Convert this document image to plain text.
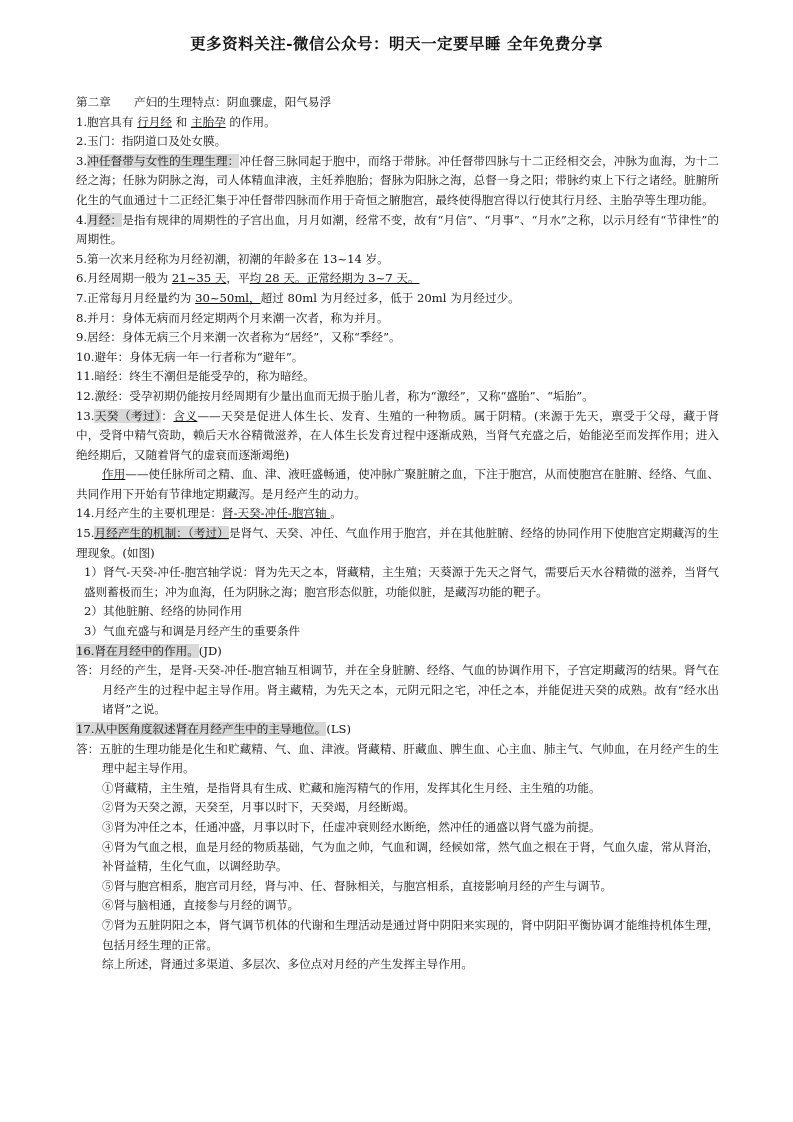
更多资料关注-微信公众号：明天一定要早睡 全年免费分享

第二章　　产妇的生理特点：阴血骤虚，阳气易浮

1.胞宫具有 行月经 和 主胎孕 的作用。

2.玉门：指阴道口及处女膜。

3.冲任督带与女性的生理生理：冲任督三脉同起于胞中，而络于带脉。冲任督带四脉与十二正经相交会，冲脉为血海，为十二经之海；任脉为阴脉之海，司人体精血津液，主妊养胞胎；督脉为阳脉之海，总督一身之阳；带脉约束上下行之诸经。脏腑所化生的气血通过十二正经汇集于冲任督带四脉而作用于奇恒之腑胞宫，最终使得胞宫得以行使其行月经、主胎孕等生理功能。

4.月经：是指有规律的周期性的子宫出血，月月如潮，经常不变，故有“月信”、“月事”、“月水”之称，以示月经有“节律性”的周期性。

5.第一次来月经称为月经初潮，初潮的年龄多在 13~14 岁。

6.月经周期一般为 21~35 天，平均 28 天。正常经期为 3~7 天。

7.正常每月月经量约为 30~50ml，超过 80ml 为月经过多，低于 20ml 为月经过少。

8.并月：身体无病而月经定期两个月来潮一次者，称为并月。

9.居经：身体无病三个月来潮一次者称为“居经”，又称“季经”。

10.避年：身体无病一年一行者称为“避年”。

11.暗经：终生不潮但是能受孕的，称为暗经。

12.激经：受孕初期仍能按月经周期有少量出血而无损于胎儿者，称为“激经”，又称“盛胎”、“垢胎”。

13.天癸（考过）：含义——天癸是促进人体生长、发育、生殖的一种物质。属于阴精。(来源于先天，禀受于父母，藏于肾中，受肾中精气资助，赖后天水谷精微滋养，在人体生长发育过程中逐渐成熟，当肾气充盛之后，始能泌至而发挥作用；进入绝经期后，又随着肾气的虚衰而逐渐竭绝)

作用——使任脉所司之精、血、津、液旺盛畅通，使冲脉广聚脏腑之血，下注于胞宫，从而使胞宫在脏腑、经络、气血、共同作用下开始有节律地定期藏泻。是月经产生的动力。

14.月经产生的主要机理是：肾-天癸-冲任-胞宫轴 。

15.月经产生的机制：（考过）是肾气、天癸、冲任、气血作用于胞宫，并在其他脏腑、经络的协同作用下使胞宫定期藏泻的生理现象。(如图)

1）肾气-天癸-冲任-胞宫轴学说：肾为先天之本，肾藏精，主生殖；天葵源于先天之肾气，需要后天水谷精微的滋养，当肾气盛则蓄极而生；冲为血海，任为阴脉之海；胞宫形态似脏，功能似脏，是藏泻功能的靶子。

2）其他脏腑、经络的协同作用

3）气血充盛与和调是月经产生的重要条件

16.肾在月经中的作用。(JD)

答：月经的产生，是肾-天癸-冲任-胞宫轴互相调节，并在全身脏腑、经络、气血的协调作用下，子宫定期藏泻的结果。肾气在月经产生的过程中起主导作用。肾主藏精，为先天之本，元阴元阳之宅，冲任之本，并能促进天癸的成熟。故有“经水出诸肾”之说。

17.从中医角度叙述肾在月经产生中的主导地位。(LS)

答：五脏的生理功能是化生和贮藏精、气、血、津液。肾藏精、肝藏血、脾生血、心主血、肺主气、气帅血，在月经产生的生理中起主导作用。

①肾藏精，主生殖，是指肾具有生成、贮藏和施泻精气的作用，发挥其化生月经、主生殖的功能。

②肾为天癸之源，天癸至，月事以时下，天癸竭，月经断竭。

③肾为冲任之本，任通冲盛，月事以时下，任虚冲衰则经水断绝，然冲任的通盛以肾气盛为前提。

④肾为气血之根，血是月经的物质基础，气为血之帅，气血和调，经候如常，然气血之根在于肾，气血久虚，常从肾治，补肾益精，生化气血，以调经助孕。

⑤肾与胞宫相系，胞宫司月经，肾与冲、任、督脉相关，与胞宫相系，直接影响月经的产生与调节。

⑥肾与脑相通，直接参与月经的调节。

⑦肾为五脏阴阳之本，肾气调节机体的代谢和生理活动是通过肾中阴阳来实现的，肾中阴阳平衡协调才能维持机体生理，包括月经生理的正常。

综上所述，肾通过多渠道、多层次、多位点对月经的产生发挥主导作用。
